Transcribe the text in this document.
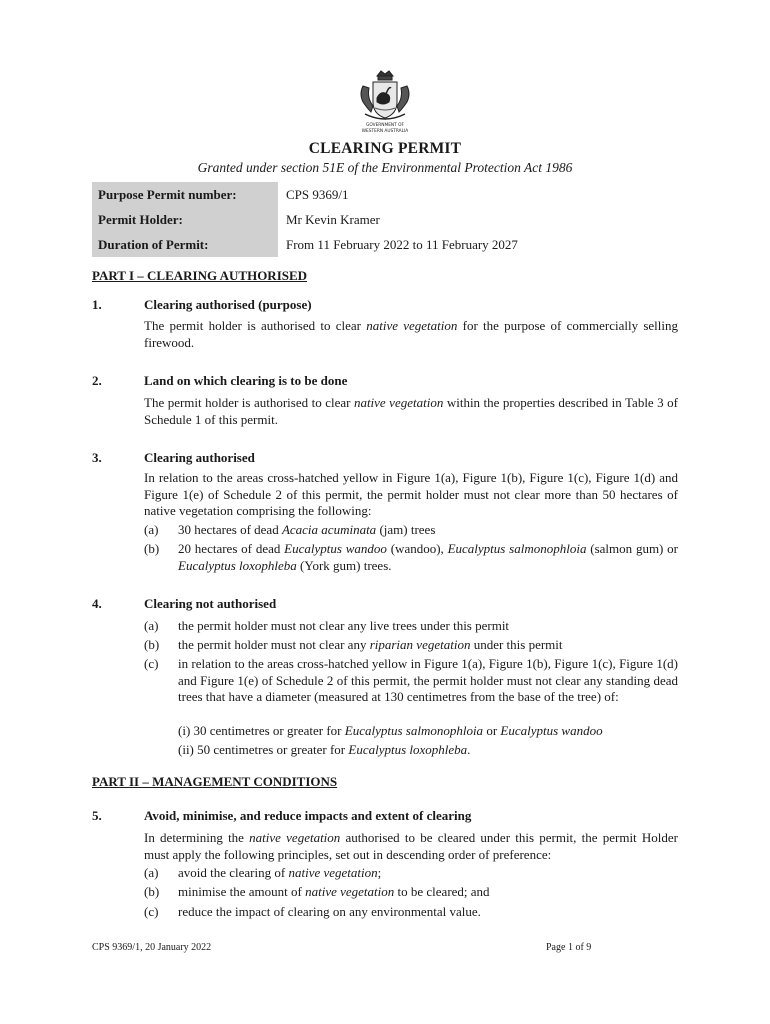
GOVERNMENT OF
WESTERN AUSTRALIA
CLEARING PERMIT
Granted under section 51E of the Environmental Protection Act 1986
Purpose Permit number:	CPS 9369/1
Permit Holder:	Mr Kevin Kramer
Duration of Permit:	From 11 February 2022 to 11 February 2027
PART I – CLEARING AUTHORISED
1.	Clearing authorised (purpose)
The permit holder is authorised to clear native vegetation for the purpose of commercially selling firewood.
2.	Land on which clearing is to be done
The permit holder is authorised to clear native vegetation within the properties described in Table 3 of Schedule 1 of this permit.
3.	Clearing authorised
In relation to the areas cross-hatched yellow in Figure 1(a), Figure 1(b), Figure 1(c), Figure 1(d) and Figure 1(e) of Schedule 2 of this permit, the permit holder must not clear more than 50 hectares of native vegetation comprising the following:
(a) 30 hectares of dead Acacia acuminata (jam) trees
(b) 20 hectares of dead Eucalyptus wandoo (wandoo), Eucalyptus salmonophloia (salmon gum) or Eucalyptus loxophleba (York gum) trees.
4.	Clearing not authorised
(a) the permit holder must not clear any live trees under this permit
(b) the permit holder must not clear any riparian vegetation under this permit
(c) in relation to the areas cross-hatched yellow in Figure 1(a), Figure 1(b), Figure 1(c), Figure 1(d) and Figure 1(e) of Schedule 2 of this permit, the permit holder must not clear any standing dead trees that have a diameter (measured at 130 centimetres from the base of the tree) of:
(i) 30 centimetres or greater for Eucalyptus salmonophloia or Eucalyptus wandoo
(ii) 50 centimetres or greater for Eucalyptus loxophleba.
PART II – MANAGEMENT CONDITIONS
5.	Avoid, minimise, and reduce impacts and extent of clearing
In determining the native vegetation authorised to be cleared under this permit, the permit Holder must apply the following principles, set out in descending order of preference:
(a) avoid the clearing of native vegetation;
(b) minimise the amount of native vegetation to be cleared; and
(c) reduce the impact of clearing on any environmental value.
CPS 9369/1, 20 January 2022	Page 1 of 9
